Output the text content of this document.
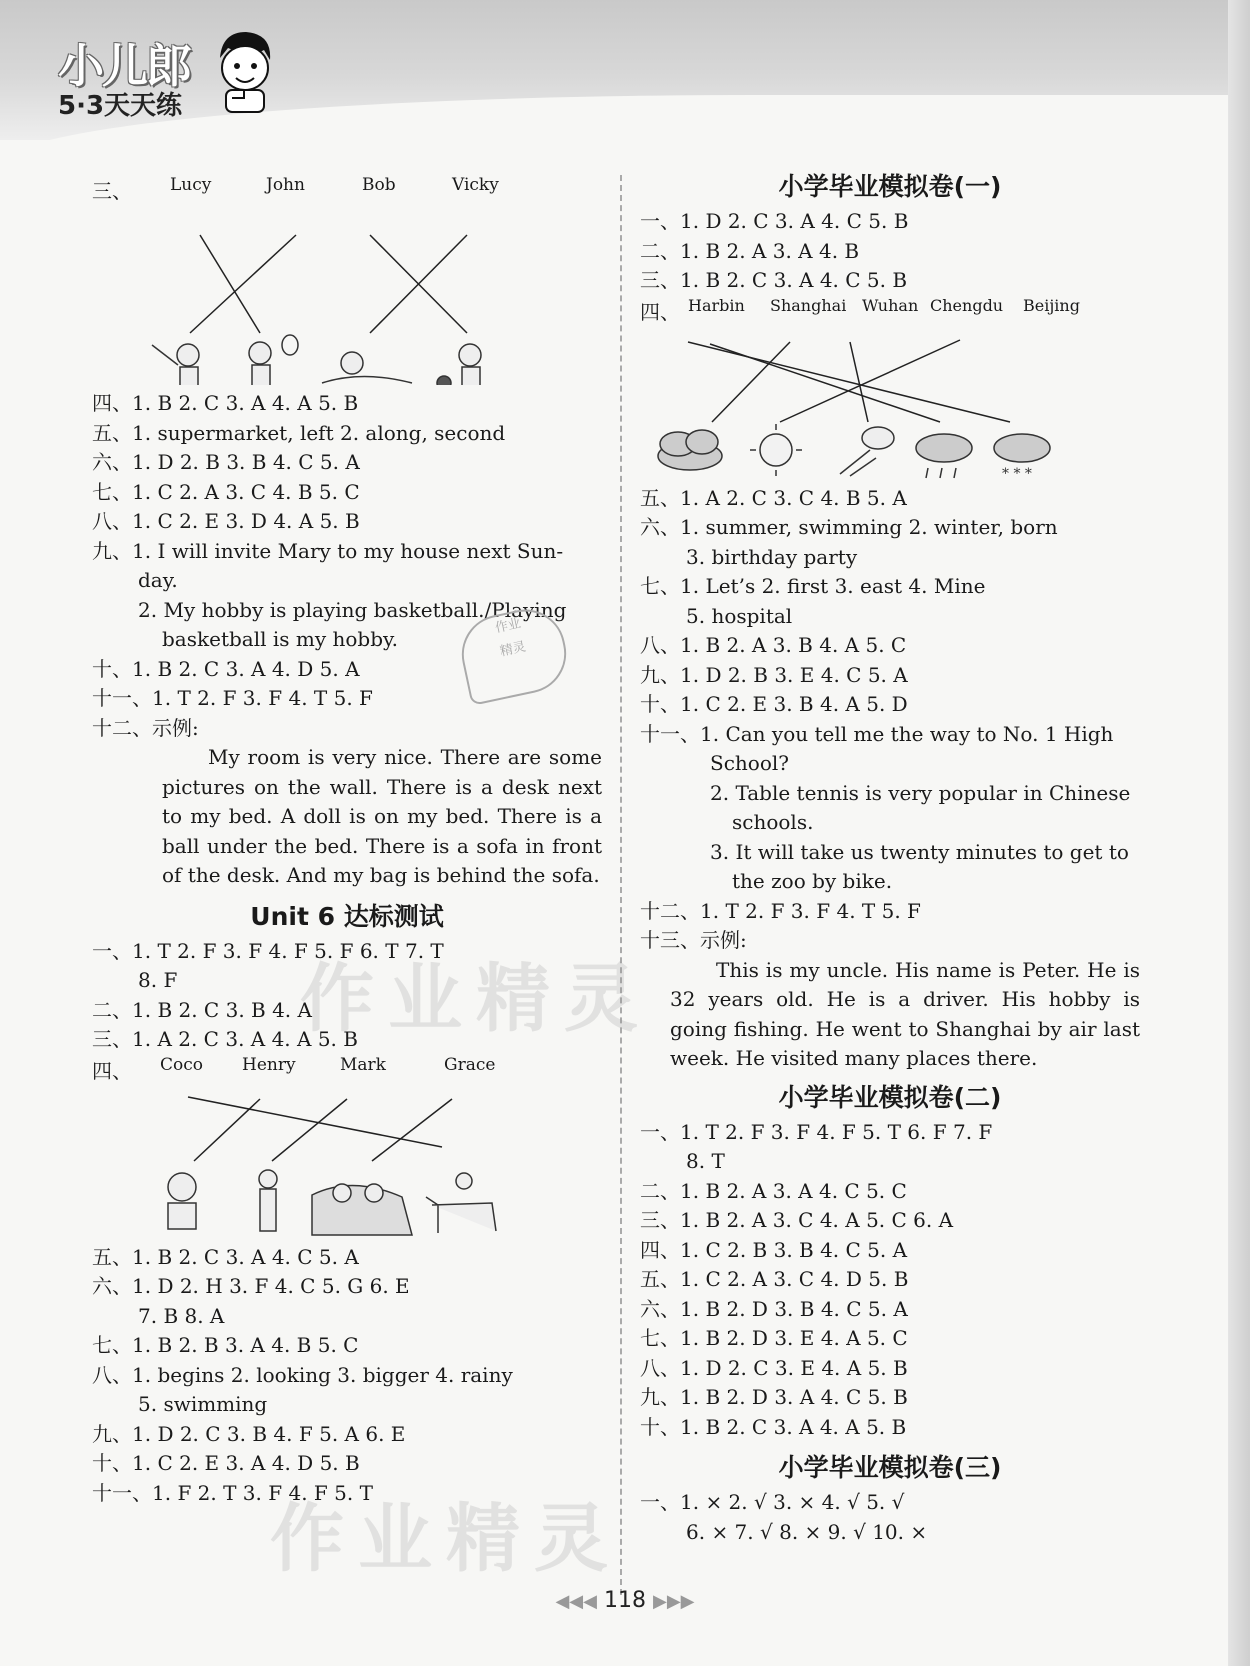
小儿郎
5·3天天练
三、 Lucy	John	Bob	Vicky
四、1. B 2. C 3. A 4. A 5. B
五、1. supermarket, left 2. along, second
六、1. D 2. B 3. B 4. C 5. A
七、1. C 2. A 3. C 4. B 5. C
八、1. C 2. E 3. D 4. A 5. B
九、1. I will invite Mary to my house next Sun-
day.
2. My hobby is playing basketball./Playing
basketball is my hobby.
十、1. B 2. C 3. A 4. D 5. A
十一、1. T 2. F 3. F 4. T 5. F
十二、示例:
My room is very nice. There are some pictures on the wall. There is a desk next to my bed. A doll is on my bed. There is a ball under the bed. There is a sofa in front of the desk. And my bag is behind the sofa.
Unit 6 达标测试
一、1. T 2. F 3. F 4. F 5. F 6. T 7. T
8. F
二、1. B 2. C 3. B 4. A
三、1. A 2. C 3. A 4. A 5. B
四、 Coco Henry	Mark	Grace
五、1. B 2. C 3. A 4. C 5. A
六、1. D 2. H 3. F 4. C 5. G 6. E
7. B 8. A
七、1. B 2. B 3. A 4. B 5. C
八、1. begins 2. looking 3. bigger 4. rainy
5. swimming
九、1. D 2. C 3. B 4. F 5. A 6. E
十、1. C 2. E 3. A 4. D 5. B
十一、1. F 2. T 3. F 4. F 5. T
小学毕业模拟卷(一)
一、1. D 2. C 3. A 4. C 5. B
二、1. B 2. A 3. A 4. B
三、1. B 2. C 3. A 4. C 5. B
四、 Harbin Shanghai Wuhan Chengdu Beijing
* * *
五、1. A 2. C 3. C 4. B 5. A
六、1. summer, swimming 2. winter, born
3. birthday party
七、1. Let’s 2. first 3. east 4. Mine
5. hospital
八、1. B 2. A 3. B 4. A 5. C
九、1. D 2. B 3. E 4. C 5. A
十、1. C 2. E 3. B 4. A 5. D
十一、1. Can you tell me the way to No. 1 High
School?
2. Table tennis is very popular in Chinese
schools.
3. It will take us twenty minutes to get to
the zoo by bike.
十二、1. T 2. F 3. F 4. T 5. F
十三、示例:
This is my uncle. His name is Peter. He is 32 years old. He is a driver. His hobby is going fishing. He went to Shanghai by air last week. He visited many places there.
小学毕业模拟卷(二)
一、1. T 2. F 3. F 4. F 5. T 6. F 7. F
8. T
二、1. B 2. A 3. A 4. C 5. C
三、1. B 2. A 3. C 4. A 5. C 6. A
四、1. C 2. B 3. B 4. C 5. A
五、1. C 2. A 3. C 4. D 5. B
六、1. B 2. D 3. B 4. C 5. A
七、1. B 2. D 3. E 4. A 5. C
八、1. D 2. C 3. E 4. A 5. B
九、1. B 2. D 3. A 4. C 5. B
十、1. B 2. C 3. A 4. A 5. B
小学毕业模拟卷(三)
一、1. × 2. √ 3. × 4. √ 5. √
6. × 7. √ 8. × 9. √ 10. ×
作业
精灵
作业精灵
作业精灵
◀◀◀ 118 ▶▶▶
